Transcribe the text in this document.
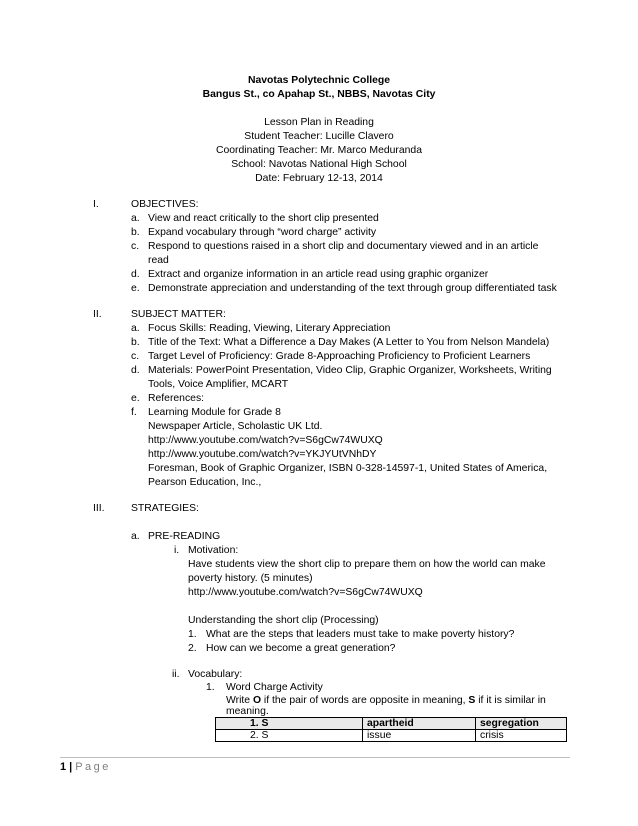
Navotas Polytechnic College
Bangus St., co Apahap St., NBBS, Navotas City
Lesson Plan in Reading
Student Teacher: Lucille Clavero
Coordinating Teacher: Mr. Marco Meduranda
School: Navotas National High School
Date: February 12-13, 2014
I.	OBJECTIVES:
a. View and react critically to the short clip presented
b. Expand vocabulary through “word charge” activity
c. Respond to questions raised in a short clip and documentary viewed and in an article
read
d. Extract and organize information in an article read using graphic organizer
e. Demonstrate appreciation and understanding of the text through group differentiated task
II.	SUBJECT MATTER:
a. Focus Skills: Reading, Viewing, Literary Appreciation
b. Title of the Text: What a Difference a Day Makes (A Letter to You from Nelson Mandela)
c. Target Level of Proficiency: Grade 8-Approaching Proficiency to Proficient Learners
d. Materials: PowerPoint Presentation, Video Clip, Graphic Organizer, Worksheets, Writing
Tools, Voice Amplifier, MCART
e. References:
f. Learning Module for Grade 8
Newspaper Article, Scholastic UK Ltd.
http://www.youtube.com/watch?v=S6gCw74WUXQ
http://www.youtube.com/watch?v=YKJYUtVNhDY
Foresman, Book of Graphic Organizer, ISBN 0-328-14597-1, United States of America,
Pearson Education, Inc.,
III.	STRATEGIES:
a. PRE-READING
i. Motivation:
Have students view the short clip to prepare them on how the world can make
poverty history. (5 minutes)
http://www.youtube.com/watch?v=S6gCw74WUXQ
Understanding the short clip (Processing)
1. What are the steps that leaders must take to make poverty history?
2. How can we become a great generation?
ii. Vocabulary:
1. Word Charge Activity
Write O if the pair of words are opposite in meaning, S if it is similar in
meaning.
1. S	apartheid	segregation
2. S	issue	crisis
1 | Page
